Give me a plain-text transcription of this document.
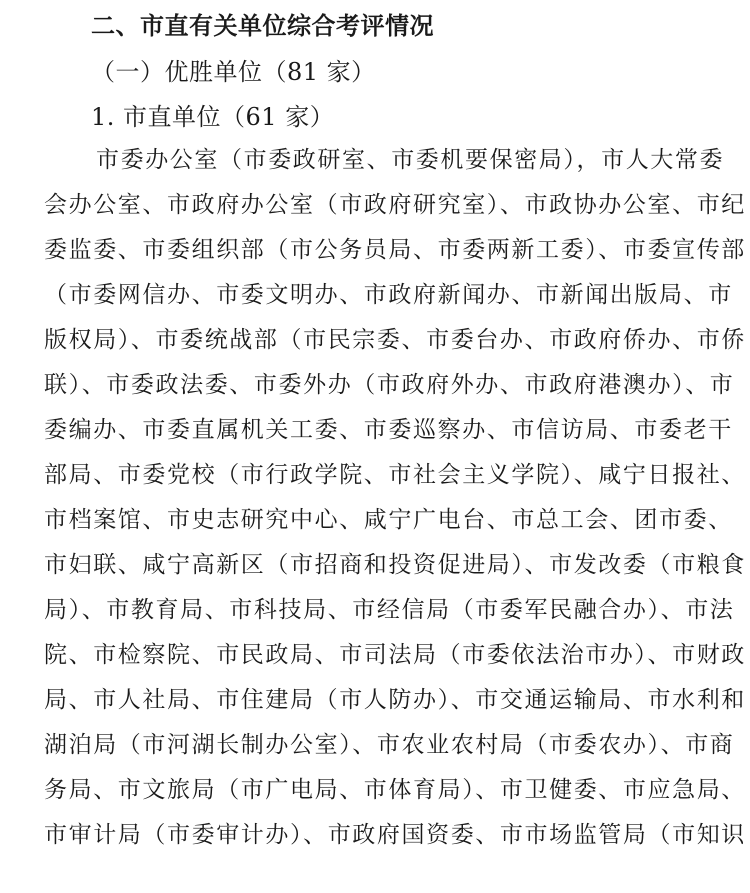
二、市直有关单位综合考评情况
（一）优胜单位（81 家）
1. 市直单位（61 家）
市委办公室（市委政研室、市委机要保密局），市人大常委
会办公室、市政府办公室（市政府研究室）、市政协办公室、市纪
委监委、市委组织部（市公务员局、市委两新工委）、市委宣传部
（市委网信办、市委文明办、市政府新闻办、市新闻出版局、市
版权局）、市委统战部（市民宗委、市委台办、市政府侨办、市侨
联）、市委政法委、市委外办（市政府外办、市政府港澳办）、市
委编办、市委直属机关工委、市委巡察办、市信访局、市委老干
部局、市委党校（市行政学院、市社会主义学院）、咸宁日报社、
市档案馆、市史志研究中心、咸宁广电台、市总工会、团市委、
市妇联、咸宁高新区（市招商和投资促进局）、市发改委（市粮食
局）、市教育局、市科技局、市经信局（市委军民融合办）、市法
院、市检察院、市民政局、市司法局（市委依法治市办）、市财政
局、市人社局、市住建局（市人防办）、市交通运输局、市水利和
湖泊局（市河湖长制办公室）、市农业农村局（市委农办）、市商
务局、市文旅局（市广电局、市体育局）、市卫健委、市应急局、
市审计局（市委审计办）、市政府国资委、市市场监管局（市知识
